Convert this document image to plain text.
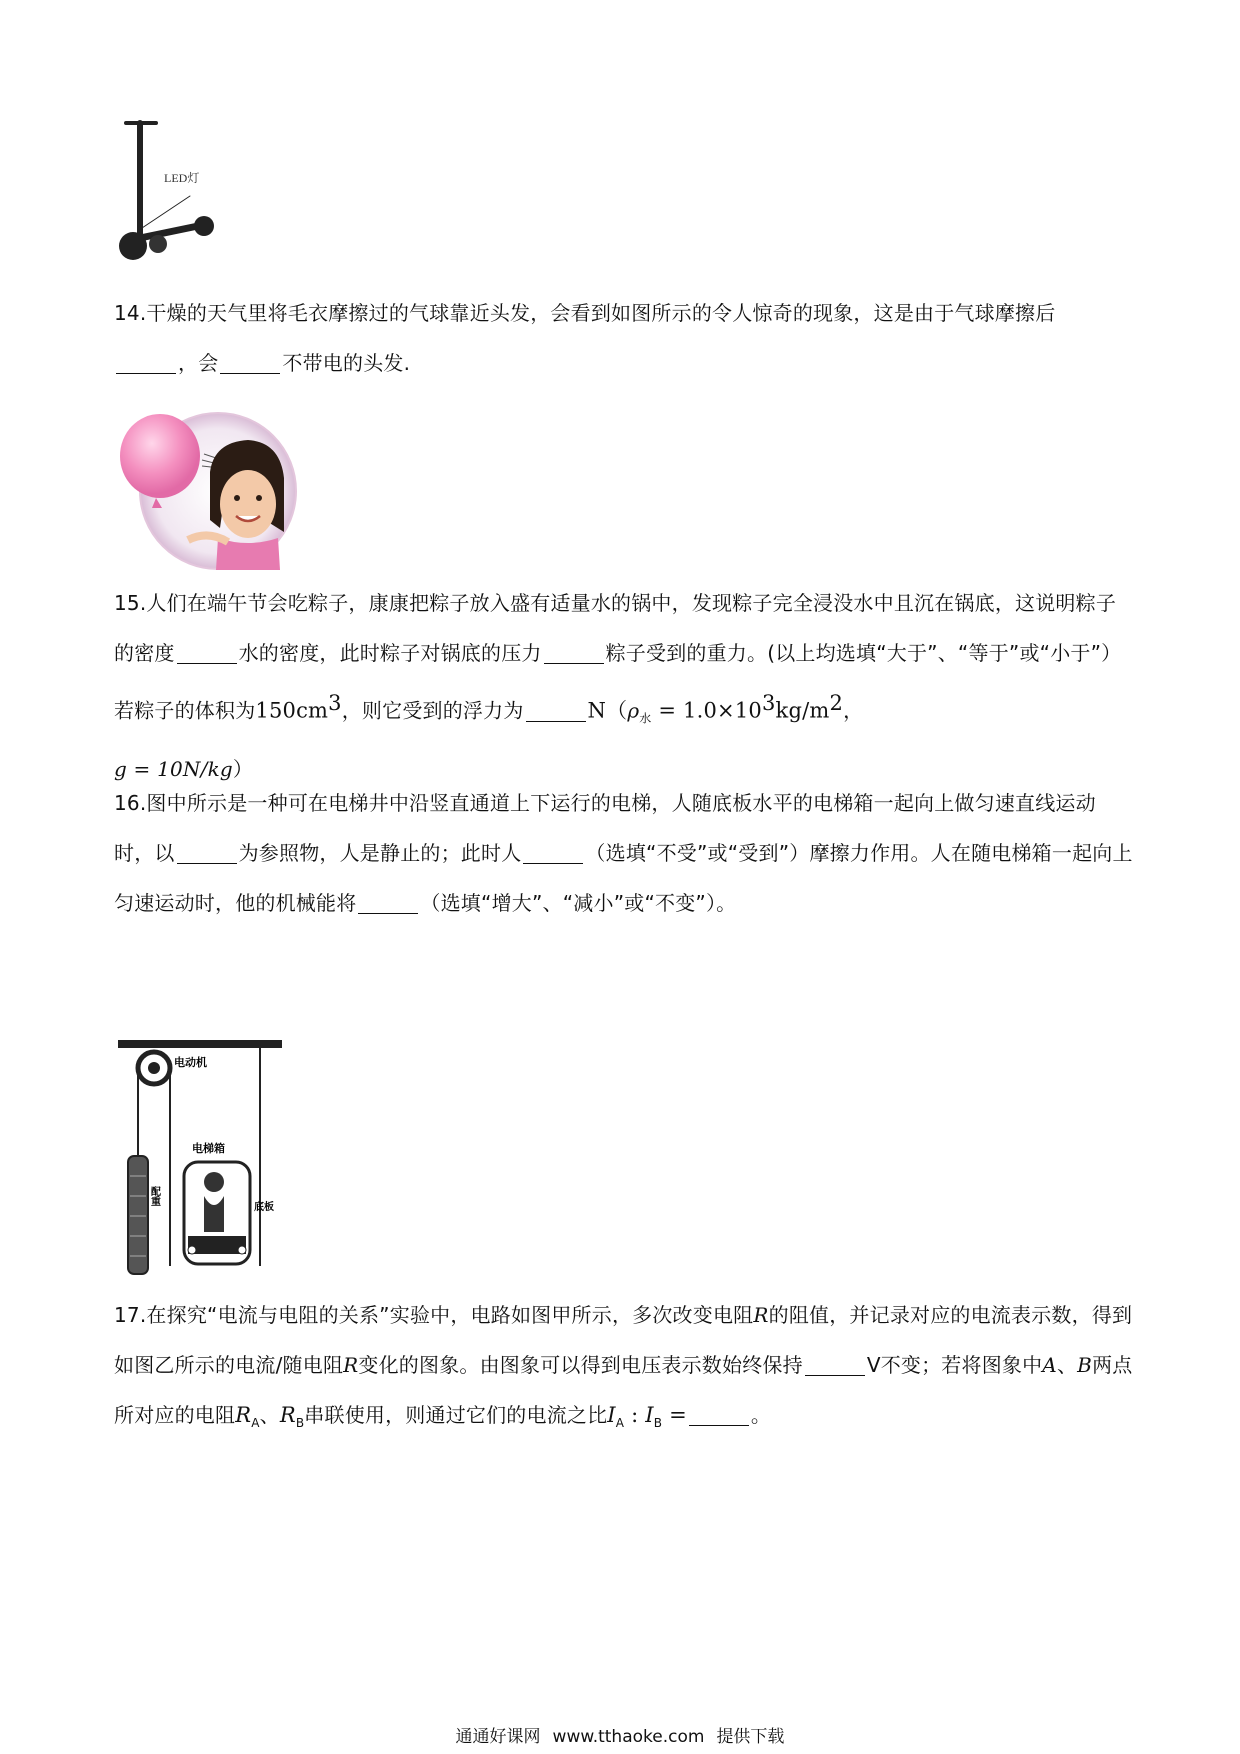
LED灯
14.干燥的天气里将毛衣摩擦过的气球靠近头发，会看到如图所示的令人惊奇的现象，这是由于气球摩擦后
，会	不带电的头发.
15.人们在端午节会吃粽子，康康把粽子放入盛有适量水的锅中，发现粽子完全浸没水中且沉在锅底，这说明粽子的密度	水的密度，此时粽子对锅底的压力	粽子受到的重力。(以上均选填“大于”、“等于”或“小于”）若粽子的体积为$150cm^3$，则它受到的浮力为	$N(\rho_水 = 1.0\times 10^3kg/m^2$，
g = 10N/kg）
16.图中所示是一种可在电梯井中沿竖直通道上下运行的电梯，人随底板水平的电梯箱一起向上做匀速直线运动时，以	为参照物，人是静止的；此时人	（选填“不受”或“受到”）摩擦力作用。人在随电梯箱一起向上匀速运动时，他的机械能将	（选填“增大”、“减小”或“不变”）。
电动机
配重
电梯箱
底板
17.在探究“电流与电阻的关系”实验中，电路如图甲所示，多次改变电阻R的阻值，并记录对应的电流表示数，得到如图乙所示的电流/随电阻R变化的图象。由图象可以得到电压表示数始终保持	V不变；若将图象中A、B两点所对应的电阻$R_A$、$R_B$串联使用，则通过它们的电流之比$I_A$ : $I_B$ =	。
通通好课网 www.tthaoke.com 提供下载
